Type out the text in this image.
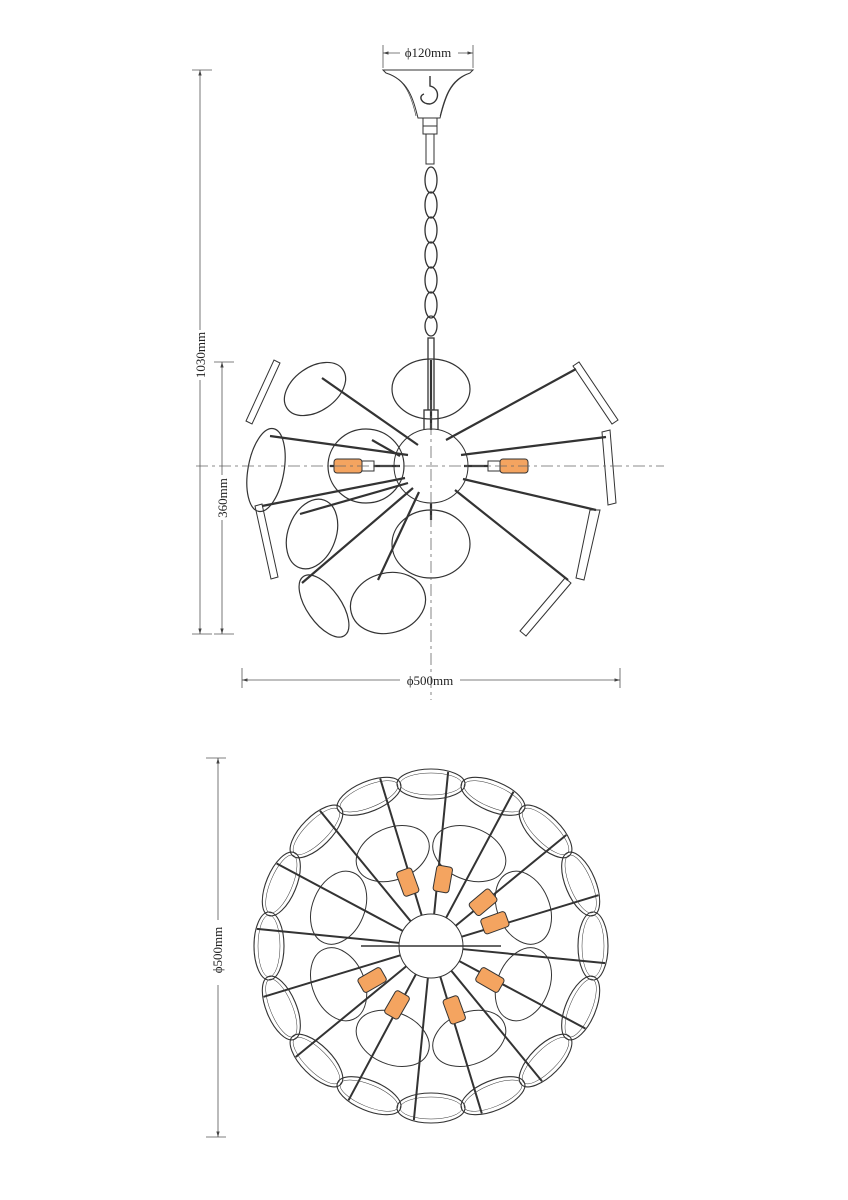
ϕ120mm
1030mm
360mm
ϕ500mm
ϕ500mm
